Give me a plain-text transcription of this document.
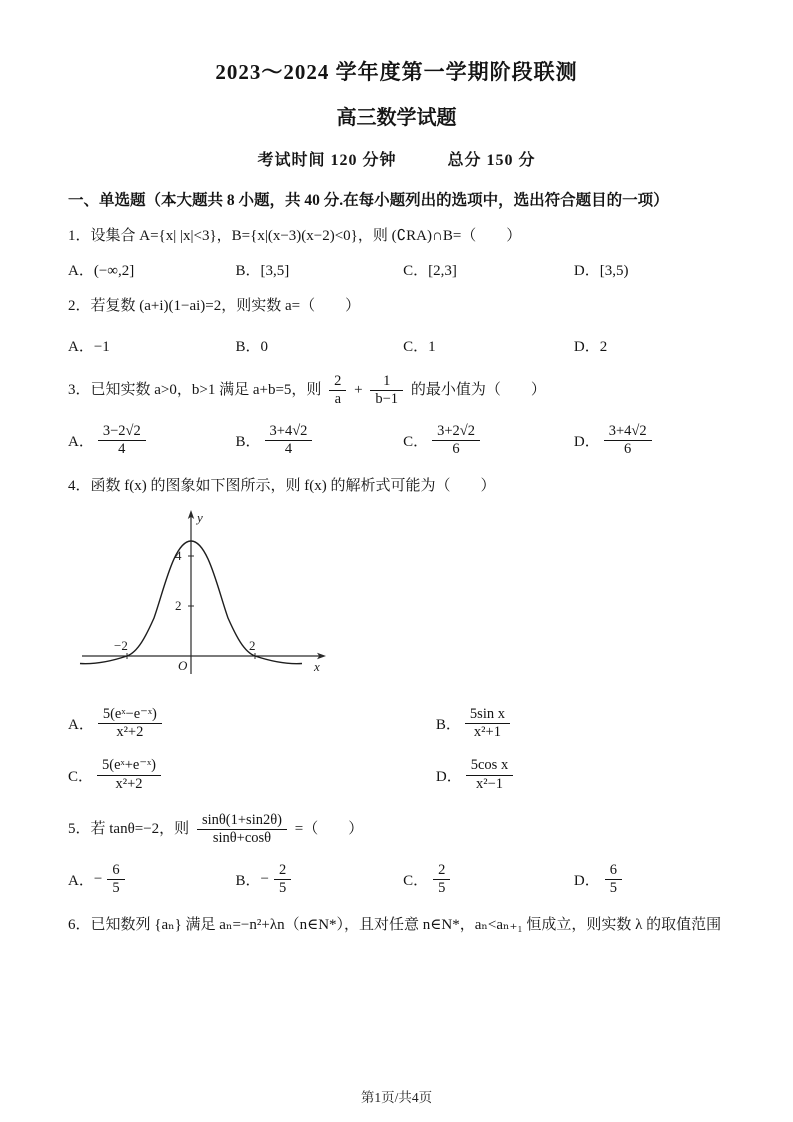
2023～2024 学年度第一学期阶段联测
高三数学试题
考试时间 120 分钟　　　总分 150 分
一、单选题（本大题共 8 小题，共 40 分.在每小题列出的选项中，选出符合题目的一项）
1．设集合 A={x| |x|<3}，B={x|(x−3)(x−2)<0}，则 (∁RA)∩B=（　　）
A．(−∞,2]	B．[3,5]	C．[2,3]	D．[3,5)
2．若复数 (a+i)(1−ai)=2，则实数 a=（　　）
A．−1	B．0	C．1	D．2
3．已知实数 a>0，b>1 满足 a+b=5，则 $\frac{2}{a} + \frac{1}{b-1}$ 的最小值为（　　）
A． $\frac{3-2√2}{4}$	B． $\frac{3+4√2}{4}$	C． $\frac{3+2√2}{6}$	D． $\frac{3+4√2}{6}$
4．函数 f(x) 的图象如下图所示，则 f(x) 的解析式可能为（　　）
y
x
O
−2	2
4
2
A． $\frac{\text{5(eˣ−e⁻ˣ)}}{\text{x²+2}}$	B． $\frac{\text{5sin x}}{\text{x²+1}}$
C． $\frac{\text{5(eˣ+e⁻ˣ)}}{\text{x²+2}}$	D． $\frac{\text{5cos x}}{\text{x²−1}}$
5．若 tanθ=−2，则 $\frac{\sin\theta(1+\sin 2\theta)}{\sin\theta+\cos\theta}$ =（　　）
A． − $\frac{6}{5}$	B． − $\frac{2}{5}$	C． $\frac{2}{5}$	D． $\frac{6}{5}$
6．已知数列 {aₙ} 满足 aₙ=−n²+λn（n∈N*），且对任意 n∈N*，aₙ<aₙ₊₁ 恒成立，则实数 λ 的取值范围
第1页/共4页
